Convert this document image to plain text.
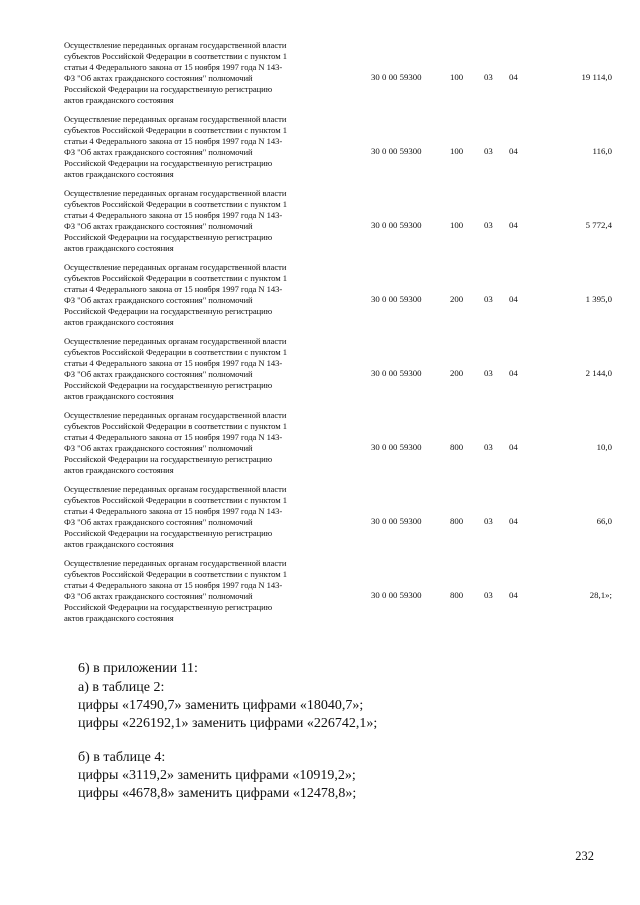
Осуществление переданных органам государственной власти
субъектов Российской Федерации в соответствии с пунктом 1
статьи 4 Федерального закона от 15 ноября 1997 года N 143-
ФЗ "Об актах гражданского состояния" полномочий
Российской Федерации на государственную регистрацию
актов гражданского состояния
30 0 00 59300	100 03 04	19 114,0
Осуществление переданных органам государственной власти
субъектов Российской Федерации в соответствии с пунктом 1
статьи 4 Федерального закона от 15 ноября 1997 года N 143-
ФЗ "Об актах гражданского состояния" полномочий
Российской Федерации на государственную регистрацию
актов гражданского состояния
30 0 00 59300	100 03 04	116,0
Осуществление переданных органам государственной власти
субъектов Российской Федерации в соответствии с пунктом 1
статьи 4 Федерального закона от 15 ноября 1997 года N 143-
ФЗ "Об актах гражданского состояния" полномочий
Российской Федерации на государственную регистрацию
актов гражданского состояния
30 0 00 59300	100 03 04	5 772,4
Осуществление переданных органам государственной власти
субъектов Российской Федерации в соответствии с пунктом 1
статьи 4 Федерального закона от 15 ноября 1997 года N 143-
ФЗ "Об актах гражданского состояния" полномочий
Российской Федерации на государственную регистрацию
актов гражданского состояния
30 0 00 59300	200 03 04	1 395,0
Осуществление переданных органам государственной власти
субъектов Российской Федерации в соответствии с пунктом 1
статьи 4 Федерального закона от 15 ноября 1997 года N 143-
ФЗ "Об актах гражданского состояния" полномочий
Российской Федерации на государственную регистрацию
актов гражданского состояния
30 0 00 59300	200 03 04	2 144,0
Осуществление переданных органам государственной власти
субъектов Российской Федерации в соответствии с пунктом 1
статьи 4 Федерального закона от 15 ноября 1997 года N 143-
ФЗ "Об актах гражданского состояния" полномочий
Российской Федерации на государственную регистрацию
актов гражданского состояния
30 0 00 59300	800 03 04	10,0
Осуществление переданных органам государственной власти
субъектов Российской Федерации в соответствии с пунктом 1
статьи 4 Федерального закона от 15 ноября 1997 года N 143-
ФЗ "Об актах гражданского состояния" полномочий
Российской Федерации на государственную регистрацию
актов гражданского состояния
30 0 00 59300	800 03 04	66,0
Осуществление переданных органам государственной власти
субъектов Российской Федерации в соответствии с пунктом 1
статьи 4 Федерального закона от 15 ноября 1997 года N 143-
ФЗ "Об актах гражданского состояния" полномочий
Российской Федерации на государственную регистрацию
актов гражданского состояния
30 0 00 59300	800 03 04	28,1»;
6) в приложении 11:
а) в таблице 2:
цифры «17490,7» заменить цифрами «18040,7»;
цифры «226192,1» заменить цифрами «226742,1»;
б) в таблице 4:
цифры «3119,2» заменить цифрами «10919,2»;
цифры «4678,8» заменить цифрами «12478,8»;
232
